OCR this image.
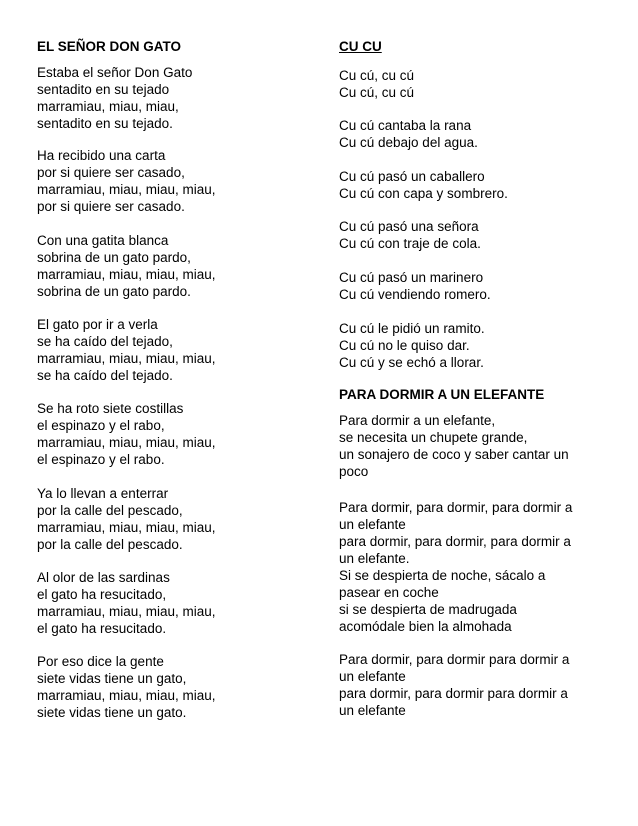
EL SEÑOR DON GATO
Estaba el señor Don Gato
sentadito en su tejado
marramiau, miau, miau,
sentadito en su tejado.
Ha recibido una carta
por si quiere ser casado,
marramiau, miau, miau, miau,
por si quiere ser casado.
Con una gatita blanca
sobrina de un gato pardo,
marramiau, miau, miau, miau,
sobrina de un gato pardo.
El gato por ir a verla
se ha caído del tejado,
marramiau, miau, miau, miau,
se ha caído del tejado.
Se ha roto siete costillas
el espinazo y el rabo,
marramiau, miau, miau, miau,
el espinazo y el rabo.
Ya lo llevan a enterrar
por la calle del pescado,
marramiau, miau, miau, miau,
por la calle del pescado.
Al olor de las sardinas
el gato ha resucitado,
marramiau, miau, miau, miau,
el gato ha resucitado.
Por eso dice la gente
siete vidas tiene un gato,
marramiau, miau, miau, miau,
siete vidas tiene un gato.
CU CU
Cu cú, cu cú
Cu cú, cu cú
Cu cú cantaba la rana
Cu cú debajo del agua.
Cu cú pasó un caballero
Cu cú con capa y sombrero.
Cu cú pasó una señora
Cu cú con traje de cola.
Cu cú pasó un marinero
Cu cú vendiendo romero.
Cu cú le pidió un ramito.
Cu cú no le quiso dar.
Cu cú y se echó a llorar.
PARA DORMIR A UN ELEFANTE
Para dormir a un elefante,
se necesita un chupete grande,
un sonajero de coco y saber cantar un
poco
Para dormir, para dormir, para dormir a
un elefante
para dormir, para dormir, para dormir a
un elefante.
Si se despierta de noche, sácalo a
pasear en coche
si se despierta de madrugada
acomódale bien la almohada
Para dormir, para dormir para dormir a
un elefante
para dormir, para dormir para dormir a
un elefante
